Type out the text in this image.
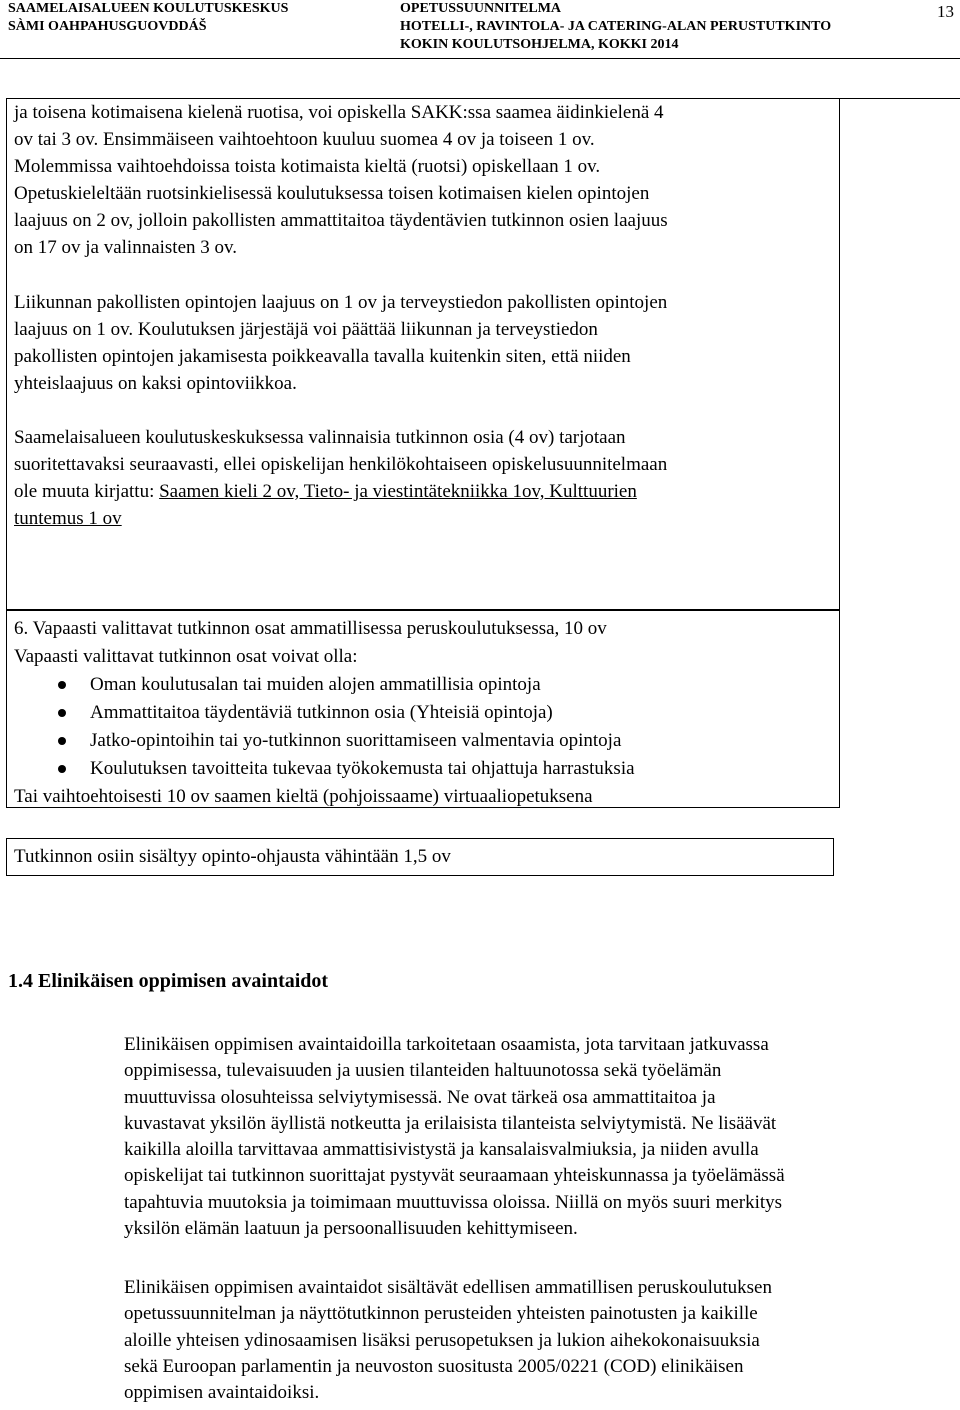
SAAMELAISALUEEN KOULUTUSKESKUS
SÀMI OAHPAHUSGUOVDDÁŠ
OPETUSSUUNNITELMA
HOTELLI-, RAVINTOLA- JA CATERING-ALAN PERUSTUTKINTO
KOKIN KOULUTSOHJELMA, KOKKI 2014
13
ja toisena kotimaisena kielenä ruotisa, voi opiskella SAKK:ssa saamea äidinkielenä 4
ov tai 3 ov. Ensimmäiseen vaihtoehtoon kuuluu suomea 4 ov ja toiseen 1 ov.
Molemmissa vaihtoehdoissa toista kotimaista kieltä (ruotsi) opiskellaan 1 ov.
Opetuskieleltään ruotsinkielisessä koulutuksessa toisen kotimaisen kielen opintojen
laajuus on 2 ov, jolloin pakollisten ammattitaitoa täydentävien tutkinnon osien laajuus
on 17 ov ja valinnaisten 3 ov.
Liikunnan pakollisten opintojen laajuus on 1 ov ja terveystiedon pakollisten opintojen
laajuus on 1 ov. Koulutuksen järjestäjä voi päättää liikunnan ja terveystiedon
pakollisten opintojen jakamisesta poikkeavalla tavalla kuitenkin siten, että niiden
yhteislaajuus on kaksi opintoviikkoa.
Saamelaisalueen koulutuskeskuksessa valinnaisia tutkinnon osia (4 ov) tarjotaan
suoritettavaksi seuraavasti, ellei opiskelijan henkilökohtaiseen opiskelusuunnitelmaan
ole muuta kirjattu: Saamen kieli 2 ov, Tieto- ja viestintätekniikka 1ov, Kulttuurien
tuntemus 1 ov
6. Vapaasti valittavat tutkinnon osat ammatillisessa peruskoulutuksessa, 10 ov
Vapaasti valittavat tutkinnon osat voivat olla:
Oman koulutusalan tai muiden alojen ammatillisia opintoja
Ammattitaitoa täydentäviä tutkinnon osia (Yhteisiä opintoja)
Jatko-opintoihin tai yo-tutkinnon suorittamiseen valmentavia opintoja
Koulutuksen tavoitteita tukevaa työkokemusta tai ohjattuja harrastuksia
Tai vaihtoehtoisesti 10 ov saamen kieltä (pohjoissaame) virtuaaliopetuksena
Tutkinnon osiin sisältyy opinto-ohjausta vähintään 1,5 ov
1.4 Elinikäisen oppimisen avaintaidot
Elinikäisen oppimisen avaintaidoilla tarkoitetaan osaamista, jota tarvitaan jatkuvassa
oppimisessa, tulevaisuuden ja uusien tilanteiden haltuunotossa sekä työelämän
muuttuvissa olosuhteissa selviytymisessä. Ne ovat tärkeä osa ammattitaitoa ja
kuvastavat yksilön äyllistä notkeutta ja erilaisista tilanteista selviytymistä. Ne lisäävät
kaikilla aloilla tarvittavaa ammattisivistystä ja kansalaisvalmiuksia, ja niiden avulla
opiskelijat tai tutkinnon suorittajat pystyvät seuraamaan yhteiskunnassa ja työelämässä
tapahtuvia muutoksia ja toimimaan muuttuvissa oloissa. Niillä on myös suuri merkitys
yksilön elämän laatuun ja persoonallisuuden kehittymiseen.
Elinikäisen oppimisen avaintaidot sisältävät edellisen ammatillisen peruskoulutuksen
opetussuunnitelman ja näyttötutkinnon perusteiden yhteisten painotusten ja kaikille
aloille yhteisen ydinosaamisen lisäksi perusopetuksen ja lukion aihekokonaisuuksia
sekä Euroopan parlamentin ja neuvoston suositusta 2005/0221 (COD) elinikäisen
oppimisen avaintaidoiksi.
